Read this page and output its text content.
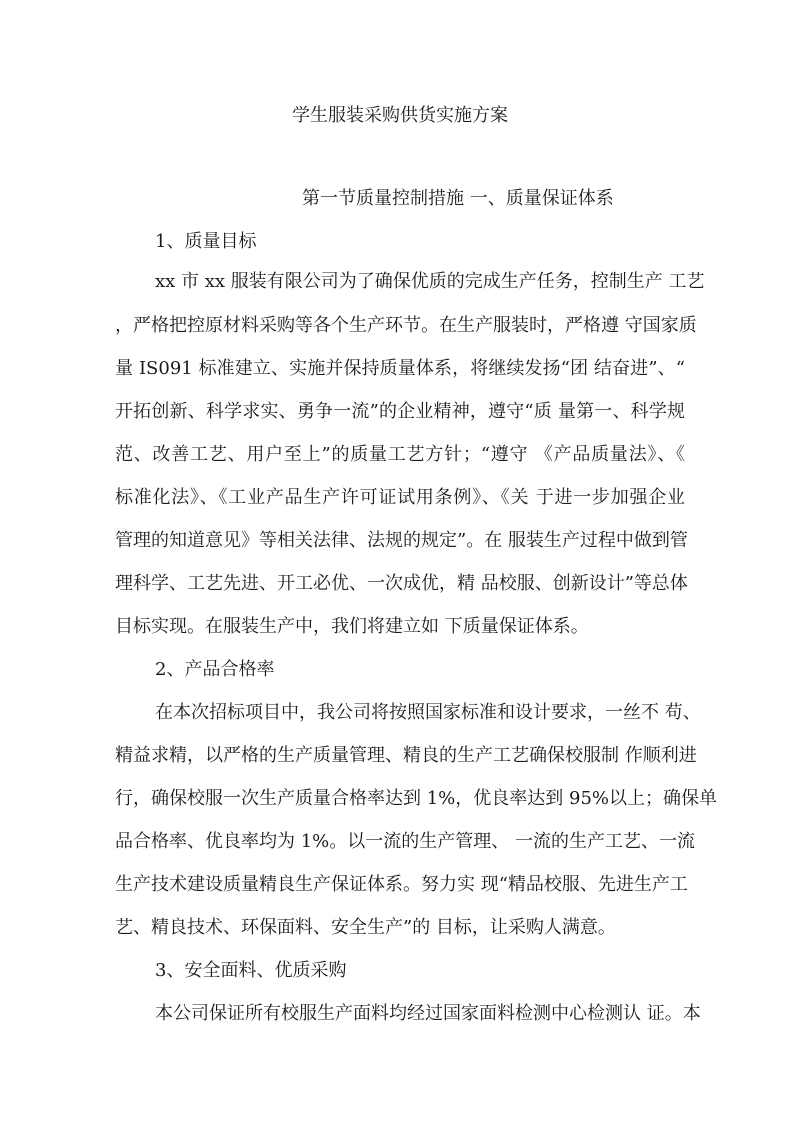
学生服装采购供货实施方案
第一节质量控制措施 一、质量保证体系
1、质量目标
xx 市 xx 服装有限公司为了确保优质的完成生产任务，控制生产 工艺
，严格把控原材料采购等各个生产环节。在生产服装时，严格遵 守国家质
量 IS091 标准建立、实施并保持质量体系，将继续发扬“团 结奋进”、“
开拓创新、科学求实、勇争一流”的企业精神，遵守“质 量第一、科学规
范、改善工艺、用户至上”的质量工艺方针；“遵守 《产品质量法》、《
标准化法》、《工业产品生产许可证试用条例》、《关 于进一步加强企业
管理的知道意见》等相关法律、法规的规定”。在 服装生产过程中做到管
理科学、工艺先进、开工必优、一次成优，精 品校服、创新设计”等总体
目标实现。在服装生产中，我们将建立如 下质量保证体系。
2、产品合格率
在本次招标项目中，我公司将按照国家标准和设计要求，一丝不 苟、
精益求精，以严格的生产质量管理、精良的生产工艺确保校服制 作顺利进
行，确保校服一次生产质量合格率达到 1%，优良率达到 95%以上；确保单
品合格率、优良率均为 1%。以一流的生产管理、 一流的生产工艺、一流
生产技术建设质量精良生产保证体系。努力实 现“精品校服、先进生产工
艺、精良技术、环保面料、安全生产”的 目标，让采购人满意。
3、安全面料、优质采购
本公司保证所有校服生产面料均经过国家面料检测中心检测认 证。本
